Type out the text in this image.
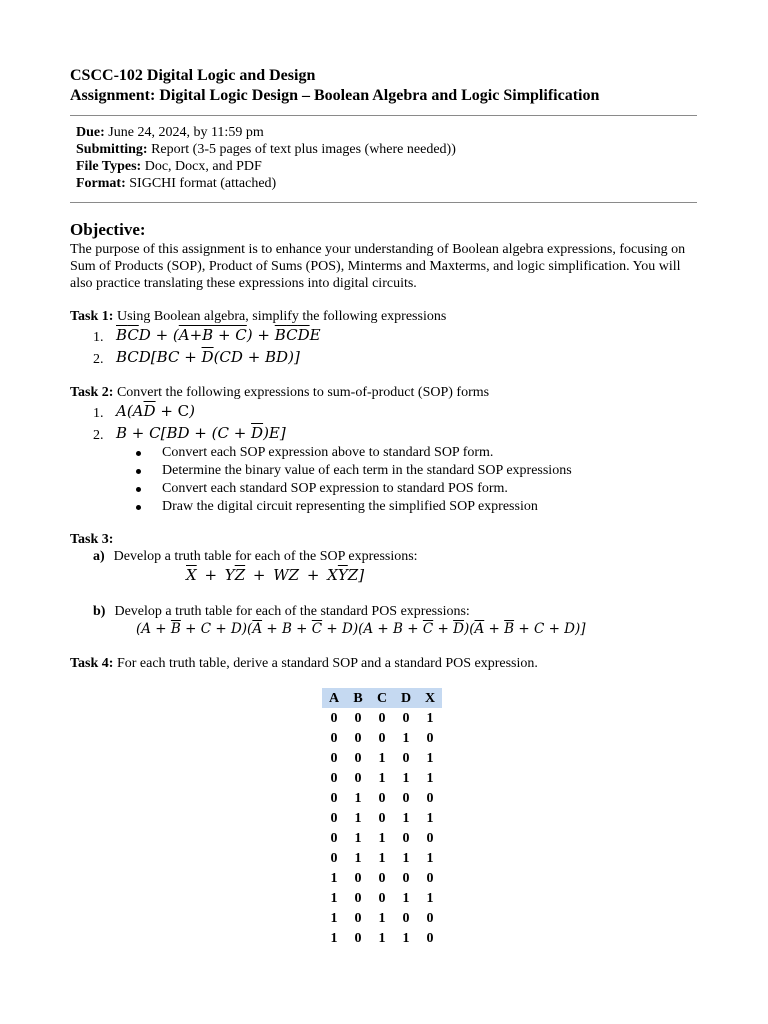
CSCC-102 Digital Logic and Design
Assignment: Digital Logic Design – Boolean Algebra and Logic Simplification
Due: June 24, 2024, by 11:59 pm
Submitting: Report (3-5 pages of text plus images (where needed))
File Types: Doc, Docx, and PDF
Format: SIGCHI format (attached)
Objective:
The purpose of this assignment is to enhance your understanding of Boolean algebra expressions, focusing on Sum of Products (SOP), Product of Sums (POS), Minterms and Maxterms, and logic simplification. You will also practice translating these expressions into digital circuits.
Task 1: Using Boolean algebra, simplify the following expressions
1. $\overline{B}\overline{C}D + (A+B + C) + \overline{B}\overline{C}\overline{D}E$
2. $BCD[BC + \overline{D}(CD + BD)]$
Task 2: Convert the following expressions to sum-of-product (SOP) forms
1. $A(A\overline{D} + C)$
2. $B + C[BD + (C + \overline{D})E]$
Convert each SOP expression above to standard SOP form.
Determine the binary value of each term in the standard SOP expressions
Convert each standard SOP expression to standard POS form.
Draw the digital circuit representing the simplified SOP expression
Task 3:
a) Develop a truth table for each of the SOP expressions:
$\overline{X} + Y\overline{Z}$ + WZ + $X\overline{Y}Z$]
b) Develop a truth table for each of the standard POS expressions:
$(A + \overline{B} + C + D)(\overline{A} + B + \overline{C} + D)(A + B + \overline{C} + \overline{D})(\overline{A} + \overline{B} + C + D)$]
Task 4: For each truth table, derive a standard SOP and a standard POS expression.
A	B	C	D	X
0	0	0	0	1
0	0	0	1	0
0	0	1	0	1
0	0	1	1	1
0	1	0	0	0
0	1	0	1	1
0	1	1	0	0
0	1	1	1	1
1	0	0	0	0
1	0	0	1	1
1	0	1	0	0
1	0	1	1	0
